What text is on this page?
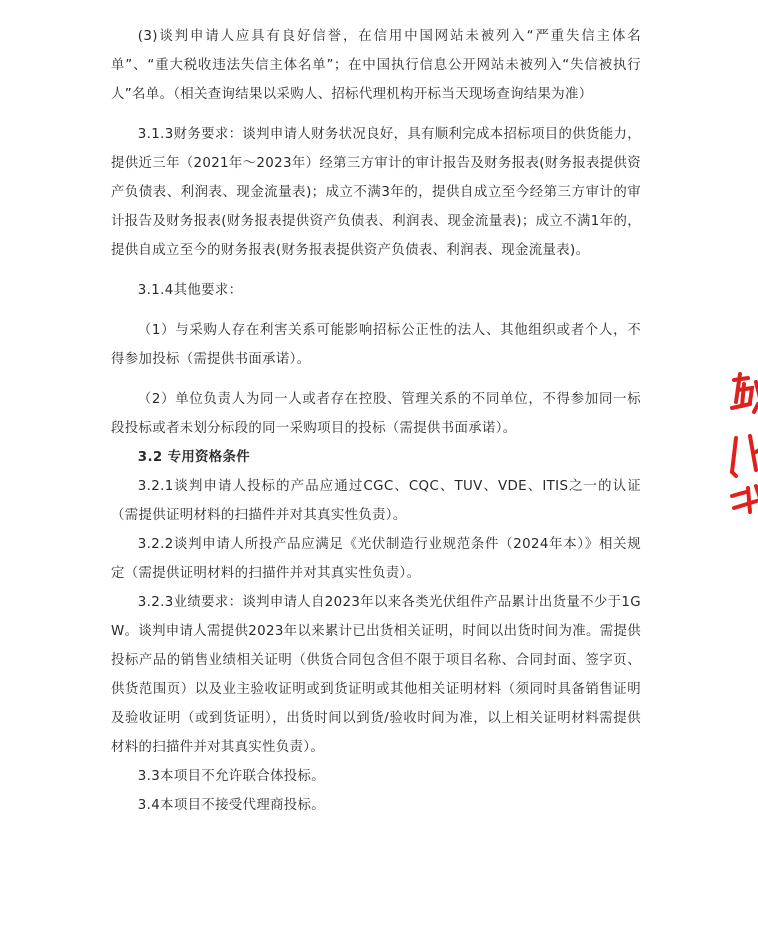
(3)谈判申请人应具有良好信誉，在信用中国网站未被列入“严重失信主体名单”、“重大税收违法失信主体名单”；在中国执行信息公开网站未被列入“失信被执行人”名单。（相关查询结果以采购人、招标代理机构开标当天现场查询结果为准）

3.1.3财务要求：谈判申请人财务状况良好，具有顺利完成本招标项目的供货能力，提供近三年（2021年～2023年）经第三方审计的审计报告及财务报表(财务报表提供资产负债表、利润表、现金流量表)；成立不满3年的，提供自成立至今经第三方审计的审计报告及财务报表(财务报表提供资产负债表、利润表、现金流量表)；成立不满1年的，提供自成立至今的财务报表(财务报表提供资产负债表、利润表、现金流量表)。

3.1.4其他要求：

（1）与采购人存在利害关系可能影响招标公正性的法人、其他组织或者个人，不得参加投标（需提供书面承诺）。

（2）单位负责人为同一人或者存在控股、管理关系的不同单位，不得参加同一标段投标或者未划分标段的同一采购项目的投标（需提供书面承诺）。

3.2 专用资格条件

3.2.1谈判申请人投标的产品应通过CGC、CQC、TUV、VDE、ITIS之一的认证（需提供证明材料的扫描件并对其真实性负责）。

3.2.2谈判申请人所投产品应满足《光伏制造行业规范条件（2024年本）》相关规定（需提供证明材料的扫描件并对其真实性负责）。

3.2.3业绩要求：谈判申请人自2023年以来各类光伏组件产品累计出货量不少于1GW。谈判申请人需提供2023年以来累计已出货相关证明，时间以出货时间为准。需提供投标产品的销售业绩相关证明（供货合同包含但不限于项目名称、合同封面、签字页、供货范围页）以及业主验收证明或到货证明或其他相关证明材料（须同时具备销售证明及验收证明（或到货证明），出货时间以到货/验收时间为准，以上相关证明材料需提供材料的扫描件并对其真实性负责）。

3.3本项目不允许联合体投标。

3.4本项目不接受代理商投标。
